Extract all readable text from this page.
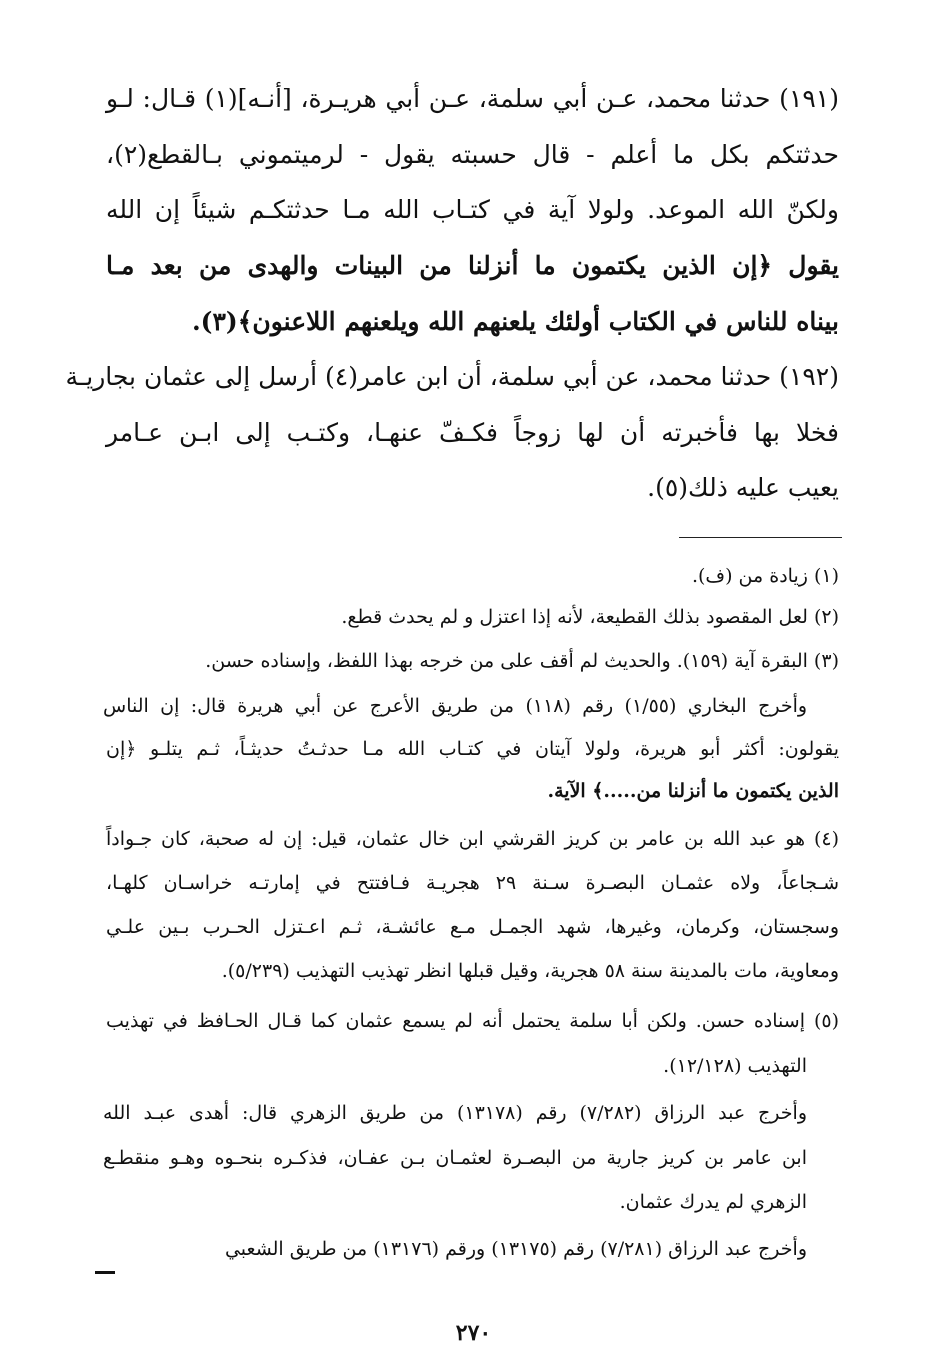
(١٩١) حدثنا محمد، عـن أبي سلمة، عـن أبي هريـرة، [أنـه](١) قـال: لـو
حدثتكم بكل ما أعلم - قال حسبته يقول - لرميتموني بـالقطع(٢)،
ولكنّ الله الموعد. ولولا آية في كتـاب الله مـا حدثتكـم شيئاً إن الله
يقول ﴿إن الذين يكتمون ما أنزلنا من البينات والهدى من بعد مـا
بيناه للناس في الكتاب أولئك يلعنهم الله ويلعنهم اللاعنون﴾(٣).
(١٩٢) حدثنا محمد، عن أبي سلمة، أن ابن عامر(٤) أرسل إلى عثمان بجاريـة
فخلا بها فأخبرته أن لها زوجاً فكـفّ عنهـا، وكتـب إلى ابـن عـامر
يعيب عليه ذلك(٥).
(١) زيادة من (ف).
(٢) لعل المقصود بذلك القطيعة، لأنه إذا اعتزل و لم يحدث قطع.
(٣) البقرة آية (١٥٩). والحديث لم أقف على من خرجه بهذا اللفظ، وإسناده حسن.
وأخرج البخاري (١/٥٥) رقم (١١٨) من طريق الأعرج عن أبي هريرة قال: إن الناس
يقولون: أكثر أبو هريرة، ولولا آيتان في كتـاب الله مـا حدثـتُ حديثـاً، ثـم يتلـو ﴿إن
الذين يكتمون ما أنزلنا من.....﴾ الآية.
(٤) هو عبد الله بن عامر بن كريز القرشي ابن خال عثمان، قيل: إن له صحبة، كان جـواداً
شـجاعاً، ولاه عثمـان البصـرة سـنة ٢٩ هجريـة فـافتتح في إمارتـه خراسـان كلهـا،
وسجستان، وكرمان، وغيرها، شهد الجمـل مـع عائشـة، ثـم اعـتزل الحـرب بـين علـي
ومعاوية، مات بالمدينة سنة ٥٨ هجرية، وقيل قبلها انظر تهذيب التهذيب (٥/٢٣٩).
(٥) إسناده حسن. ولكن أبا سلمة يحتمل أنه لم يسمع عثمان كما قـال الحـافظ في تهذيب
التهذيب (١٢/١٢٨).
وأخرج عبد الرزاق (٧/٢٨٢) رقم (١٣١٧٨) من طريق الزهري قال: أهدى عبـد الله
ابن عامر بن كريز جارية من البصـرة لعثمـان بـن عفـان، فذكـره بنحـوه وهـو منقطـع
الزهري لم يدرك عثمان.
وأخرج عبد الرزاق (٧/٢٨١) رقم (١٣١٧٥) ورقم (١٣١٧٦) من طريق الشعبي
٢٧٠
